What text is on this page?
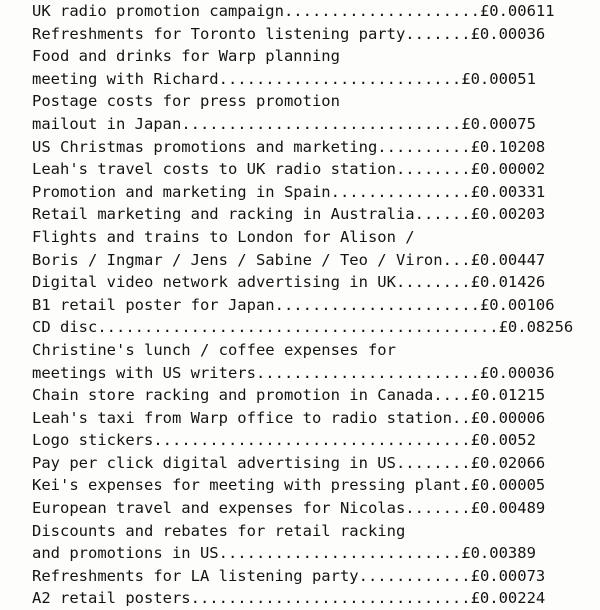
UK radio promotion campaign.....................£0.00611

Refreshments for Toronto listening party.......£0.00036

Food and drinks for Warp planning

meeting with Richard..........................£0.00051

Postage costs for press promotion

mailout in Japan..............................£0.00075

US Christmas promotions and marketing..........£0.10208

Leah's travel costs to UK radio station........£0.00002

Promotion and marketing in Spain...............£0.00331

Retail marketing and racking in Australia......£0.00203

Flights and trains to London for Alison /

Boris / Ingmar / Jens / Sabine / Teo / Viron...£0.00447

Digital video network advertising in UK........£0.01426

B1 retail poster for Japan......................£0.00106

CD disc...........................................£0.08256

Christine's lunch / coffee expenses for

meetings with US writers........................£0.00036

Chain store racking and promotion in Canada....£0.01215

Leah's taxi from Warp office to radio station..£0.00006

Logo stickers..................................£0.0052

Pay per click digital advertising in US........£0.02066

Kei's expenses for meeting with pressing plant.£0.00005

European travel and expenses for Nicolas.......£0.00489

Discounts and rebates for retail racking

and promotions in US..........................£0.00389

Refreshments for LA listening party............£0.00073

A2 retail posters..............................£0.00224
